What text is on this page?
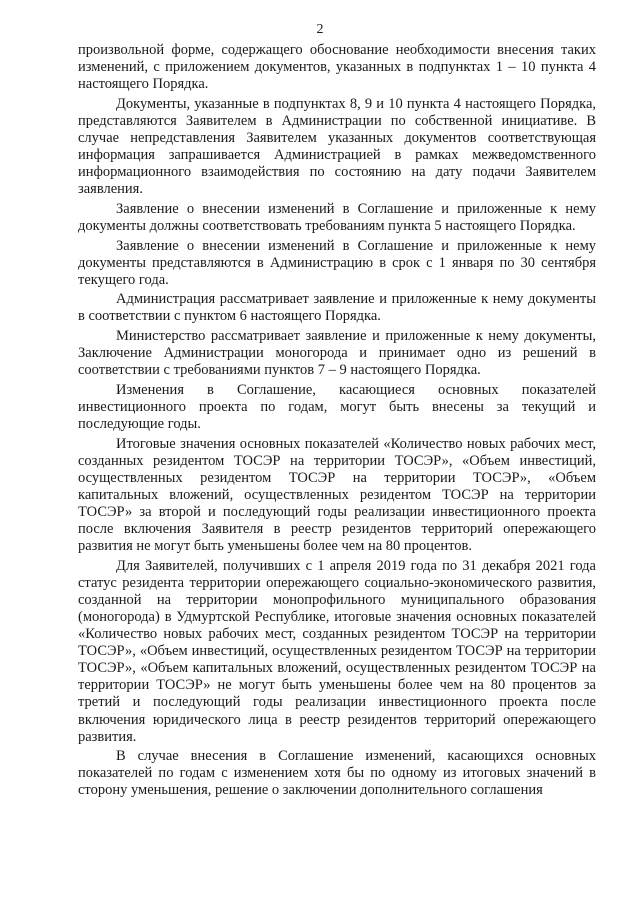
2

произвольной форме, содержащего обоснование необходимости внесения таких изменений, с приложением документов, указанных в подпунктах 1 – 10 пункта 4 настоящего Порядка.

Документы, указанные в подпунктах 8, 9 и 10 пункта 4 настоящего Порядка, представляются Заявителем в Администрации по собственной инициативе. В случае непредставления Заявителем указанных документов соответствующая информация запрашивается Администрацией в рамках межведомственного информационного взаимодействия по состоянию на дату подачи Заявителем заявления.

Заявление о внесении изменений в Соглашение и приложенные к нему документы должны соответствовать требованиям пункта 5 настоящего Порядка.

Заявление о внесении изменений в Соглашение и приложенные к нему документы представляются в Администрацию в срок с 1 января по 30 сентября текущего года.

Администрация рассматривает заявление и приложенные к нему документы в соответствии с пунктом 6 настоящего Порядка.

Министерство рассматривает заявление и приложенные к нему документы, Заключение Администрации моногорода и принимает одно из решений в соответствии с требованиями пунктов 7 – 9 настоящего Порядка.

Изменения в Соглашение, касающиеся основных показателей инвестиционного проекта по годам, могут быть внесены за текущий и последующие годы.

Итоговые значения основных показателей «Количество новых рабочих мест, созданных резидентом ТОСЭР на территории ТОСЭР», «Объем инвестиций, осуществленных резидентом ТОСЭР на территории ТОСЭР», «Объем капитальных вложений, осуществленных резидентом ТОСЭР на территории ТОСЭР» за второй и последующий годы реализации инвестиционного проекта после включения Заявителя в реестр резидентов территорий опережающего развития не могут быть уменьшены более чем на 80 процентов.

Для Заявителей, получивших с 1 апреля 2019 года по 31 декабря 2021 года статус резидента территории опережающего социально-экономического развития, созданной на территории монопрофильного муниципального образования (моногорода) в Удмуртской Республике, итоговые значения основных показателей «Количество новых рабочих мест, созданных резидентом ТОСЭР на территории ТОСЭР», «Объем инвестиций, осуществленных резидентом ТОСЭР на территории ТОСЭР», «Объем капитальных вложений, осуществленных резидентом ТОСЭР на территории ТОСЭР» не могут быть уменьшены более чем на 80 процентов за третий и последующий годы реализации инвестиционного проекта после включения юридического лица в реестр резидентов территорий опережающего развития.

В случае внесения в Соглашение изменений, касающихся основных показателей по годам с изменением хотя бы по одному из итоговых значений в сторону уменьшения, решение о заключении дополнительного соглашения
